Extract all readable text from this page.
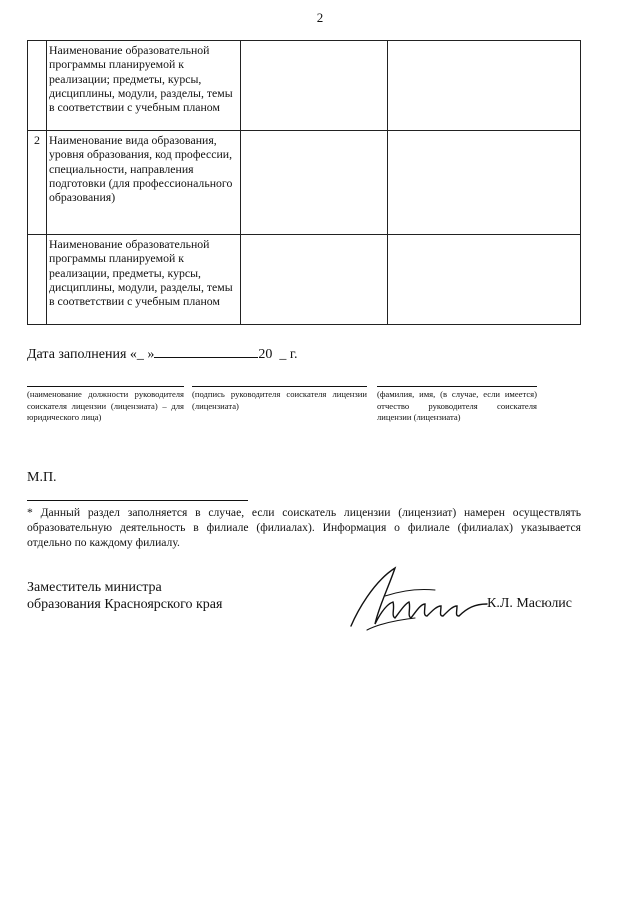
2
	Наименование образовательной программы планируемой к реализации; предметы, курсы, дисциплины, модули, разделы, темы в соответствии с учебным планом		
2	Наименование вида образования, уровня образования, код профессии, специальности, направления подготовки (для профессионального образования)		
	Наименование образовательной программы планируемой к реализации, предметы, курсы, дисциплины, модули, разделы, темы в соответствии с учебным планом		
Дата заполнения «_ »	20 _ г.
(наименование должности руководителя соискателя лицензии (лицензиата) – для юридического лица)
(подпись руководителя соискателя лицензии (лицензиата)
(фамилия, имя, (в случае, если имеется) отчество руководителя соискателя лицензии (лицензиата)
М.П.
* Данный раздел заполняется в случае, если соискатель лицензии (лицензиат) намерен осуществлять образовательную деятельность в филиале (филиалах). Информация о филиале (филиалах) указывается отдельно по каждому филиалу.
Заместитель министра
образования Красноярского края	К.Л. Масюлис
